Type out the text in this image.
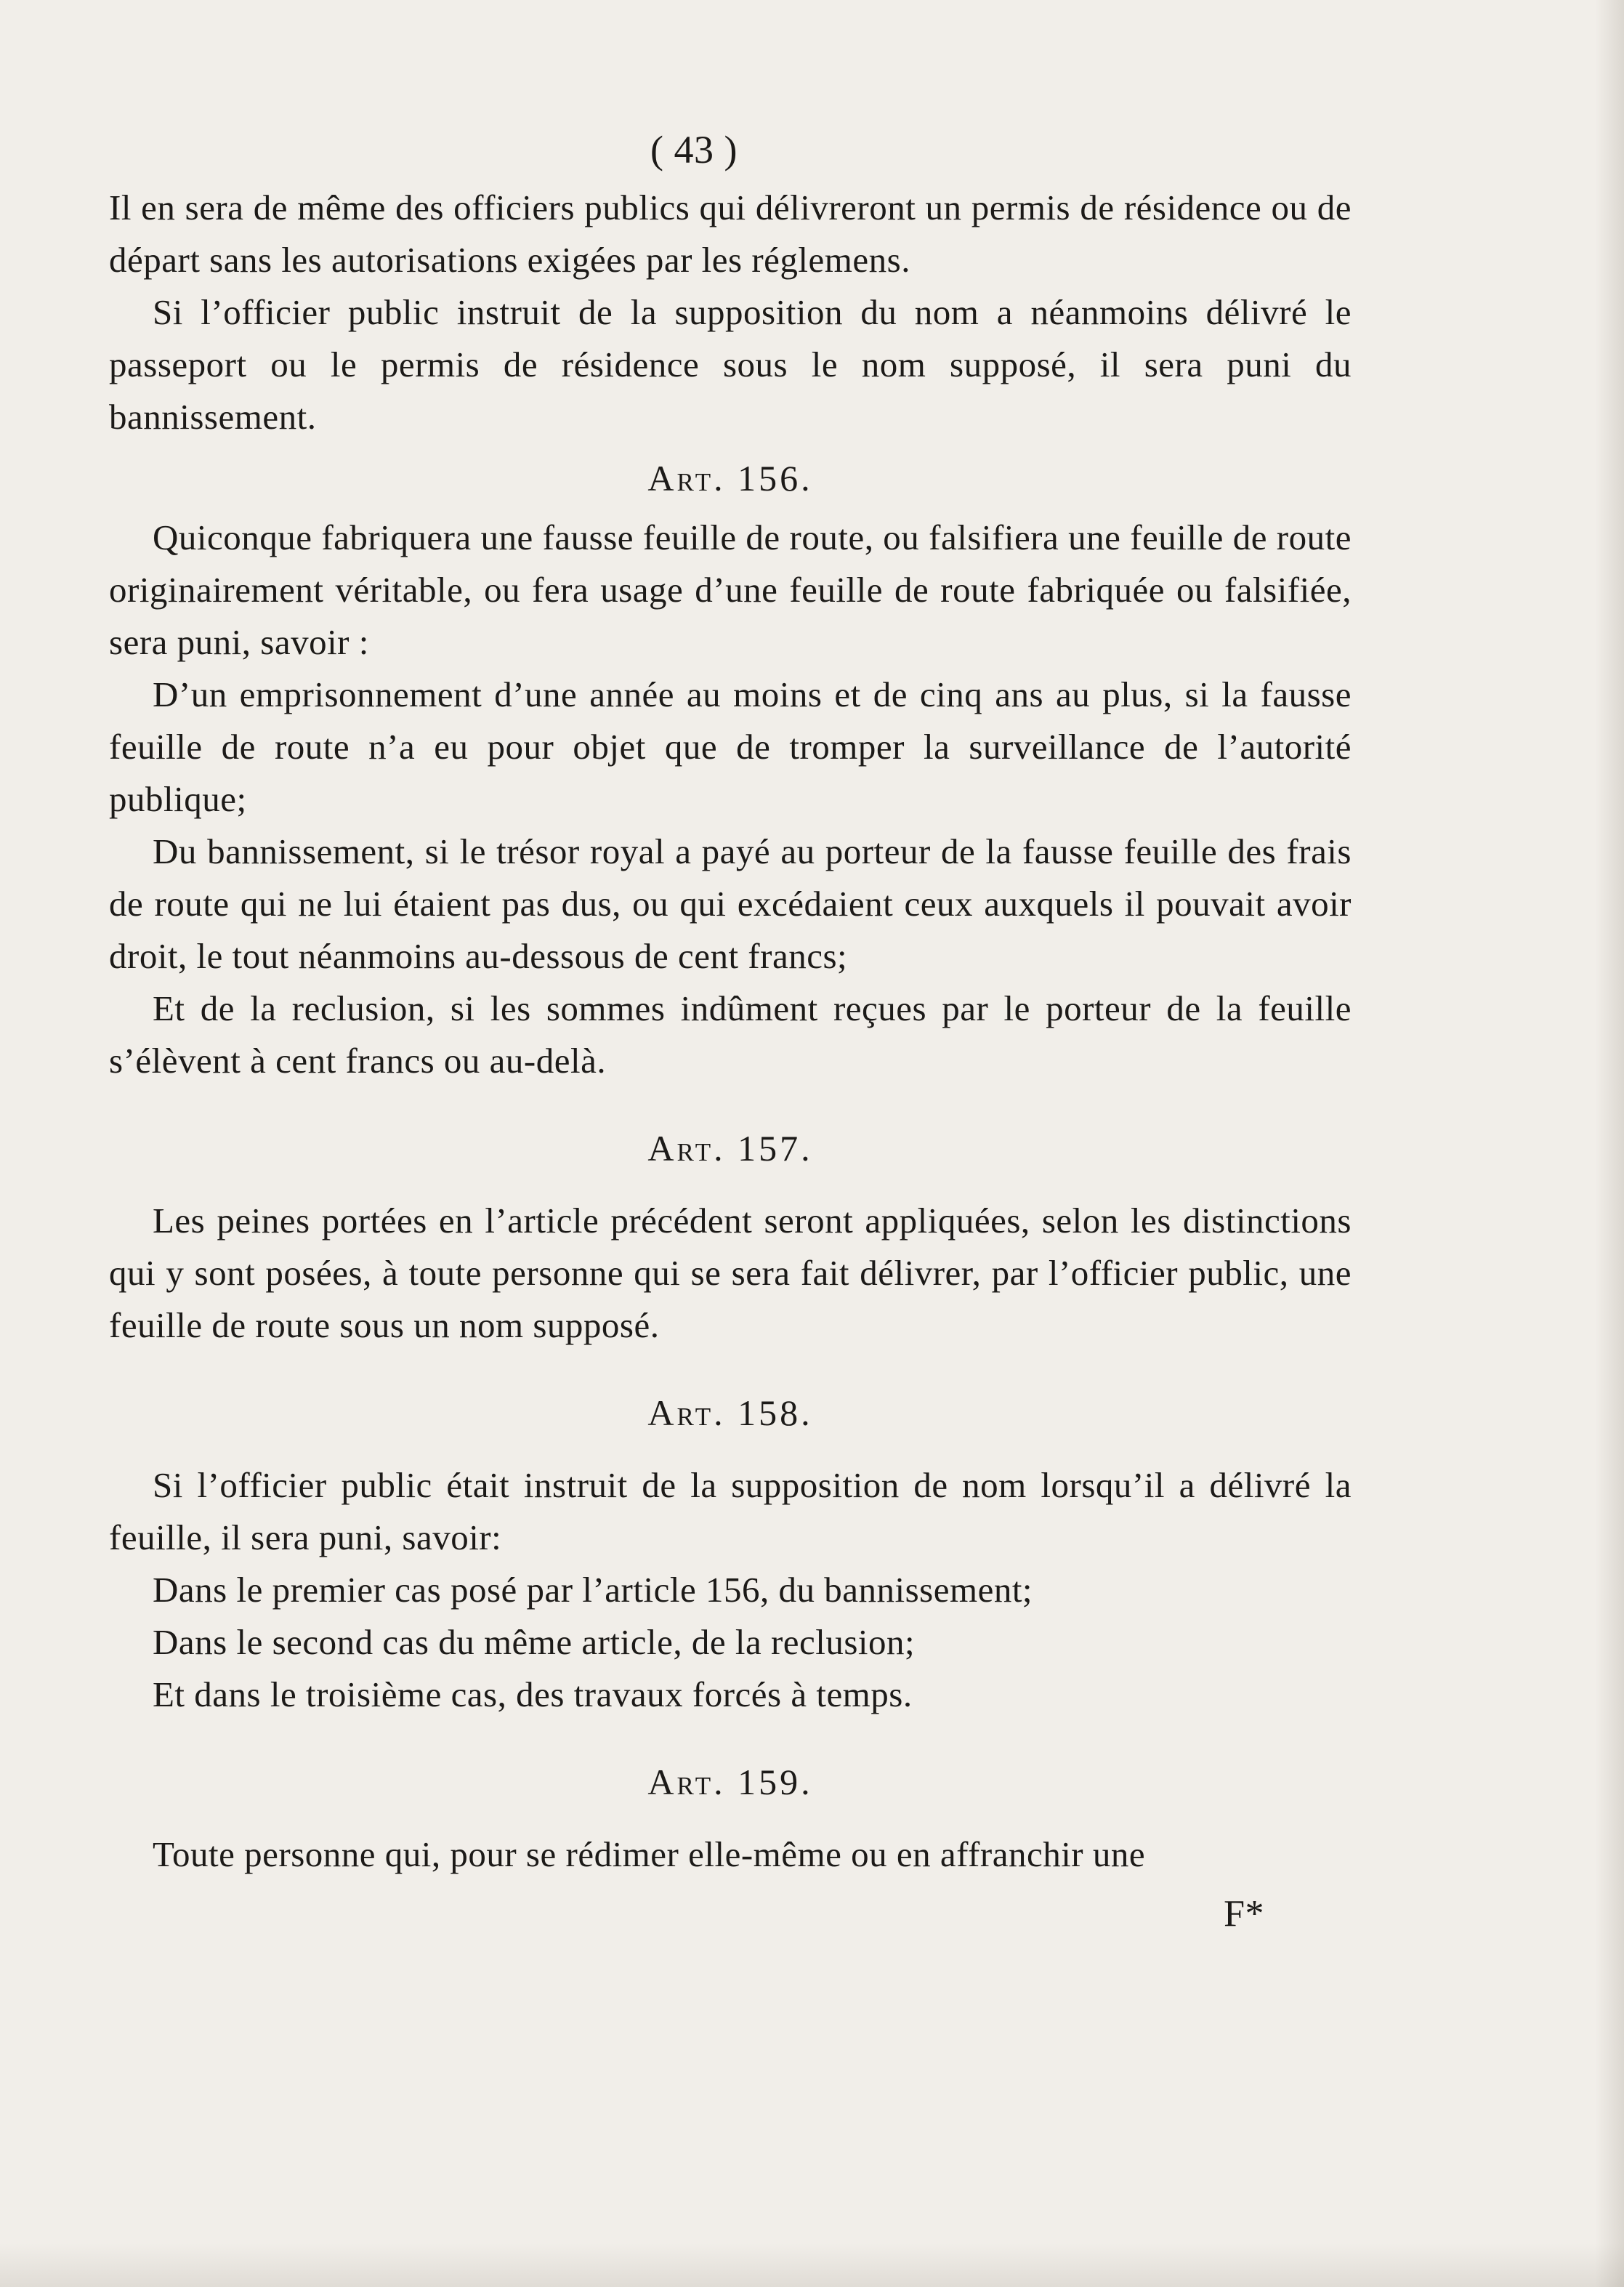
( 43 )

Il en sera de même des officiers publics qui délivreront un permis de résidence ou de départ sans les autorisations exigées par les réglemens.

Si l’officier public instruit de la supposition du nom a néanmoins délivré le passeport ou le permis de résidence sous le nom supposé, il sera puni du bannissement.

Art. 156.

Quiconque fabriquera une fausse feuille de route, ou falsifiera une feuille de route originairement véritable, ou fera usage d’une feuille de route fabriquée ou falsifiée, sera puni, savoir :

D’un emprisonnement d’une année au moins et de cinq ans au plus, si la fausse feuille de route n’a eu pour objet que de tromper la surveillance de l’autorité publique;

Du bannissement, si le trésor royal a payé au porteur de la fausse feuille des frais de route qui ne lui étaient pas dus, ou qui excédaient ceux auxquels il pouvait avoir droit, le tout néanmoins au-dessous de cent francs;

Et de la reclusion, si les sommes indûment reçues par le porteur de la feuille s’élèvent à cent francs ou au-delà.

Art. 157.

Les peines portées en l’article précédent seront appliquées, selon les distinctions qui y sont posées, à toute personne qui se sera fait délivrer, par l’officier public, une feuille de route sous un nom supposé.

Art. 158.

Si l’officier public était instruit de la supposition de nom lorsqu’il a délivré la feuille, il sera puni, savoir:

Dans le premier cas posé par l’article 156, du bannissement;

Dans le second cas du même article, de la reclusion;

Et dans le troisième cas, des travaux forcés à temps.

Art. 159.

Toute personne qui, pour se rédimer elle-même ou en affranchir une

F*
